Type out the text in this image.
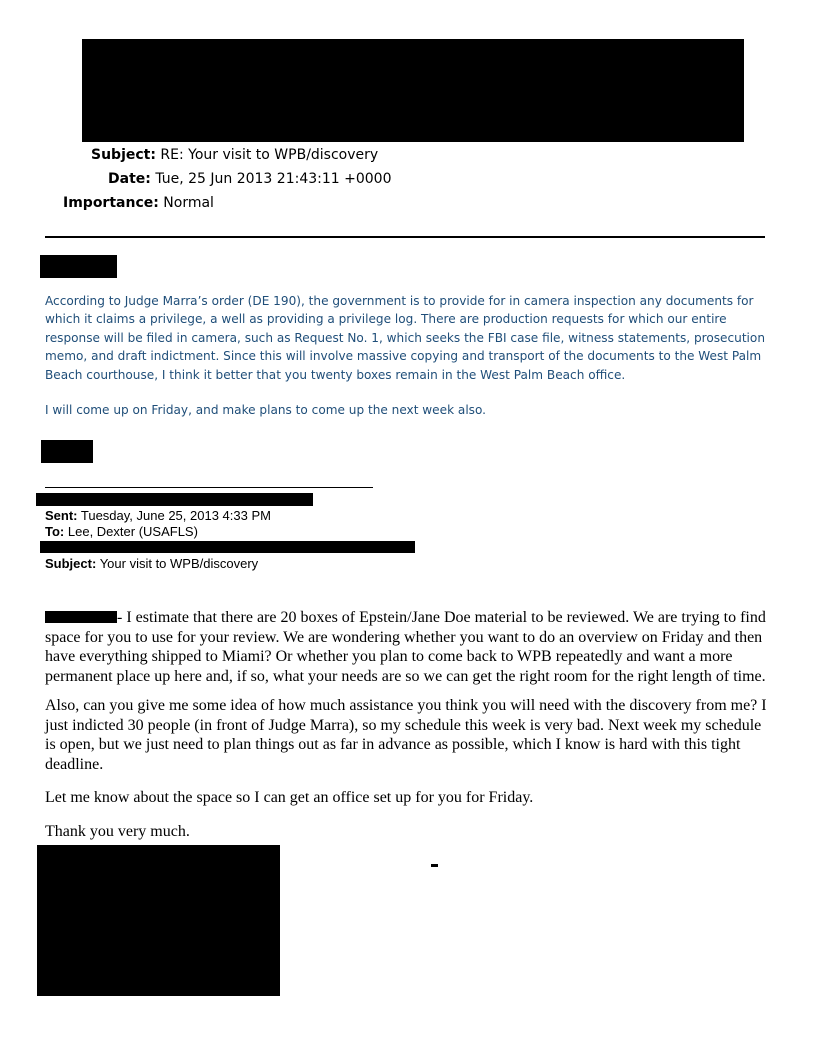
Subject: RE: Your visit to WPB/discovery
Date: Tue, 25 Jun 2013 21:43:11 +0000
Importance: Normal

According to Judge Marra’s order (DE 190), the government is to provide for in camera inspection any documents for which it claims a privilege, a well as providing a privilege log. There are production requests for which our entire response will be filed in camera, such as Request No. 1, which seeks the FBI case file, witness statements, prosecution memo, and draft indictment. Since this will involve massive copying and transport of the documents to the West Palm Beach courthouse, I think it better that you twenty boxes remain in the West Palm Beach office.

I will come up on Friday, and make plans to come up the next week also.

Sent: Tuesday, June 25, 2013 4:33 PM
To: Lee, Dexter (USAFLS)
Subject: Your visit to WPB/discovery

- I estimate that there are 20 boxes of Epstein/Jane Doe material to be reviewed. We are trying to find space for you to use for your review. We are wondering whether you want to do an overview on Friday and then have everything shipped to Miami? Or whether you plan to come back to WPB repeatedly and want a more permanent place up here and, if so, what your needs are so we can get the right room for the right length of time.

Also, can you give me some idea of how much assistance you think you will need with the discovery from me? I just indicted 30 people (in front of Judge Marra), so my schedule this week is very bad. Next week my schedule is open, but we just need to plan things out as far in advance as possible, which I know is hard with this tight deadline.

Let me know about the space so I can get an office set up for you for Friday.

Thank you very much.
